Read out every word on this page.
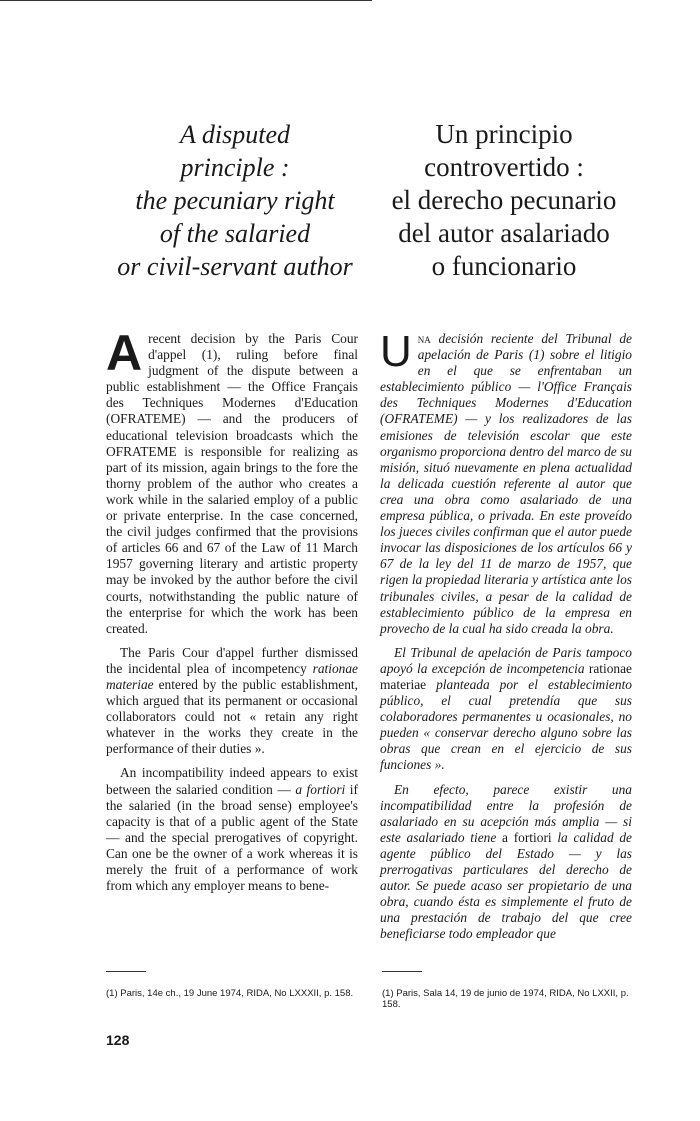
A disputed
principle :
the pecuniary right
of the salaried
or civil-servant author
Un principio
controvertido :
el derecho pecunario
del autor asalariado
o funcionario

Arecent decision by the Paris Cour d'appel (1), ruling before final judgment of the dispute between a public establishment — the Office Français des Techniques Modernes d'Education (OFRATEME) — and the producers of educational television broadcasts which the OFRATEME is responsible for realizing as part of its mission, again brings to the fore the thorny problem of the author who creates a work while in the salaried employ of a public or private enterprise. In the case concerned, the civil judges confirmed that the provisions of articles 66 and 67 of the Law of 11 March 1957 governing literary and artistic property may be invoked by the author before the civil courts, notwithstanding the public nature of the enterprise for which the work has been created.

The Paris Cour d'appel further dismissed the incidental plea of incompetency rationae materiae entered by the public establishment, which argued that its permanent or occasional collaborators could not « retain any right whatever in the works they create in the performance of their duties ».

An incompatibility indeed appears to exist between the salaried condition — a fortiori if the salaried (in the broad sense) employee's capacity is that of a public agent of the State — and the special prerogatives of copyright. Can one be the owner of a work whereas it is merely the fruit of a performance of work from which any employer means to bene-

Una decisión reciente del Tribunal de apelación de Paris (1) sobre el litigio en el que se enfrentaban un establecimiento público — l'Office Français des Techniques Modernes d'Education (OFRATEME) — y los realizadores de las emisiones de televisión escolar que este organismo proporciona dentro del marco de su misión, situó nuevamente en plena actualidad la delicada cuestión referente al autor que crea una obra como asalariado de una empresa pública, o privada. En este proveído los jueces civiles confirman que el autor puede invocar las disposiciones de los artículos 66 y 67 de la ley del 11 de marzo de 1957, que rigen la propiedad literaria y artística ante los tribunales civiles, a pesar de la calidad de establecimiento público de la empresa en provecho de la cual ha sido creada la obra.

El Tribunal de apelación de Paris tampoco apoyó la excepción de incompetencia rationae materiae planteada por el establecimiento público, el cual pretendía que sus colaboradores permanentes u ocasionales, no pueden « conservar derecho alguno sobre las obras que crean en el ejercicio de sus funciones ».

En efecto, parece existir una incompatibilidad entre la profesión de asalariado en su acepción más amplia — si este asalariado tiene a fortiori la calidad de agente público del Estado — y las prerrogativas particulares del derecho de autor. Se puede acaso ser propietario de una obra, cuando ésta es simplemente el fruto de una prestación de trabajo del que cree beneficiarse todo empleador que

(1) Paris, 14e ch., 19 June 1974, RIDA, No LXXXII, p. 158.	(1) Paris, Sala 14, 19 de junio de 1974, RIDA, No LXXII, p. 158.
128
